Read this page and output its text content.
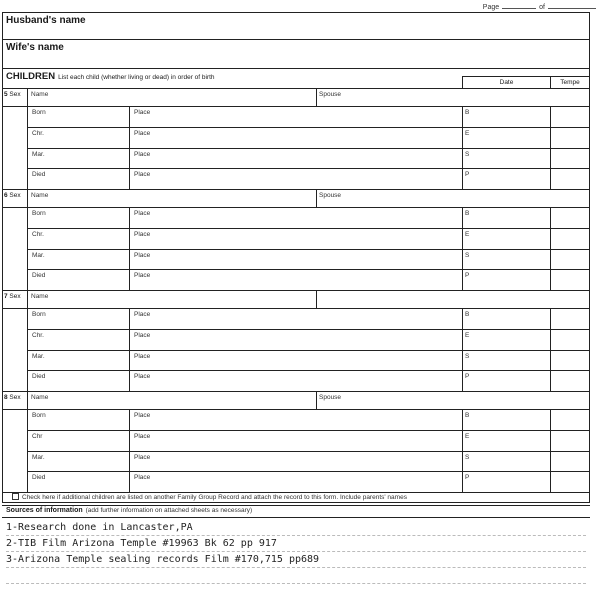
Page	of
Husband's name
Wife's name
CHILDREN List each child (whether living or dead) in order of birth
Date	Tempe
5 Sex Name	Spouse
Born	Place	B
Chr.	Place	E
Mar.	Place	S
Died	Place	P
6 Sex Name	Spouse
Born	Place	B
Chr.	Place	E
Mar.	Place	S
Died	Place	P
7 Sex Name
Born	Place	B
Chr.	Place	E
Mar.	Place	S
Died	Place	P
8 Sex Name	Spouse
Born	Place	B
Chr	Place	E
Mar.	Place	S
Died	Place	P
Check here if additional children are listed on another Family Group Record and attach the record to this form. Include parents' names
Sources of information (add further information on attached sheets as necessary)
1-Research done in Lancaster,PA
2-TIB Film Arizona Temple #19963 Bk 62 pp 917
3-Arizona Temple sealing records Film #170,715 pp689
